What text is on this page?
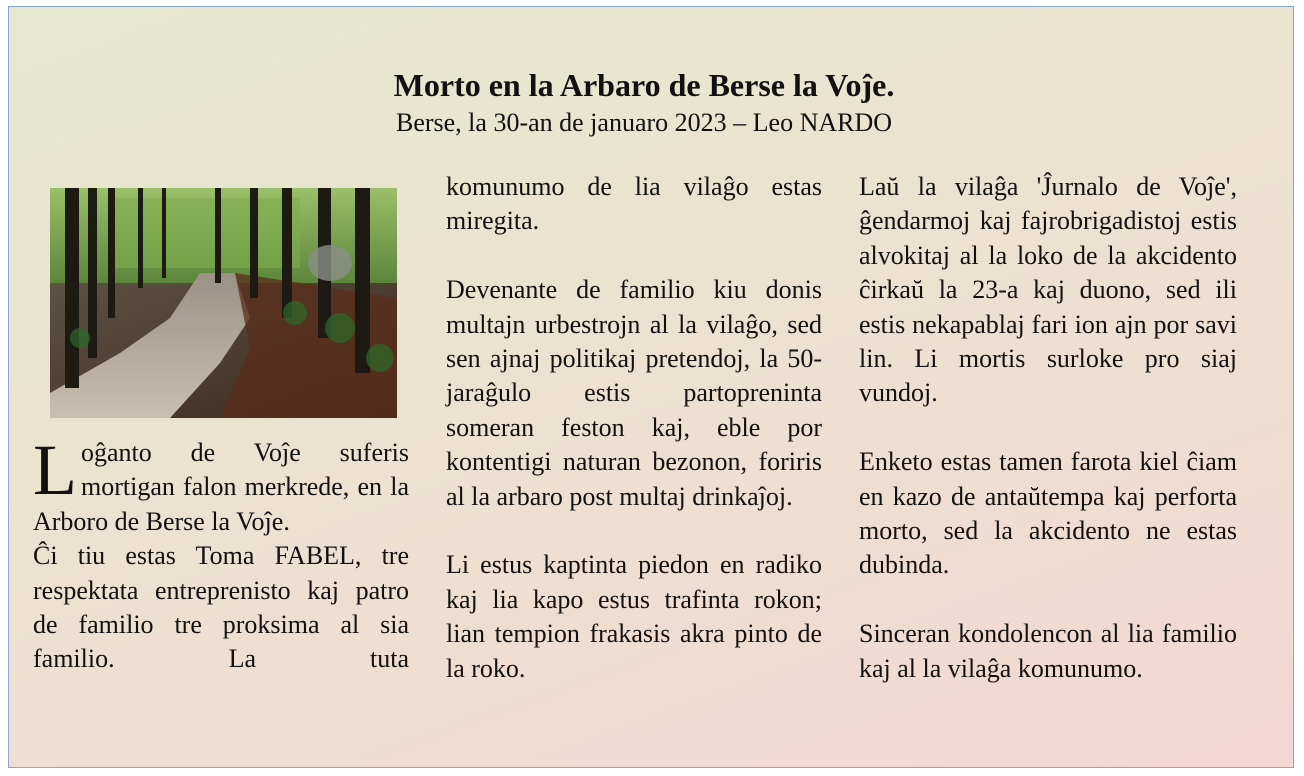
Morto en la Arbaro de Berse la Voĵe.
Berse, la 30-an de januaro 2023 – Leo NARDO

Loĝanto de Voĵe suferis mortigan falon merkrede, en la Arboro de Berse la Voĵe.

Ĉi tiu estas Toma FABEL, tre respektata entreprenisto kaj patro de familio tre proksima al sia familio. La tuta

komunumo de lia vilaĝo estas miregita.

Devenante de familio kiu donis multajn urbestrojn al la vilaĝo, sed sen ajnaj politikaj pretendoj, la 50-jaraĝulo estis partopreninta someran feston kaj, eble por kontentigi naturan bezonon, foriris al la arbaro post multaj drinkaĵoj.

Li estus kaptinta piedon en radiko kaj lia kapo estus trafinta rokon; lian tempion frakasis akra pinto de la roko.

Laŭ la vilaĝa 'Ĵurnalo de Voĵe', ĝendarmoj kaj fajrobrigadistoj estis alvokitaj al la loko de la akcidento ĉirkaŭ la 23-a kaj duono, sed ili estis nekapablaj fari ion ajn por savi lin. Li mortis surloke pro siaj vundoj.

Enketo estas tamen farota kiel ĉiam en kazo de antaŭtempa kaj perforta morto, sed la akcidento ne estas dubinda.

Sinceran kondolencon al lia familio kaj al la vilaĝa komunumo.
